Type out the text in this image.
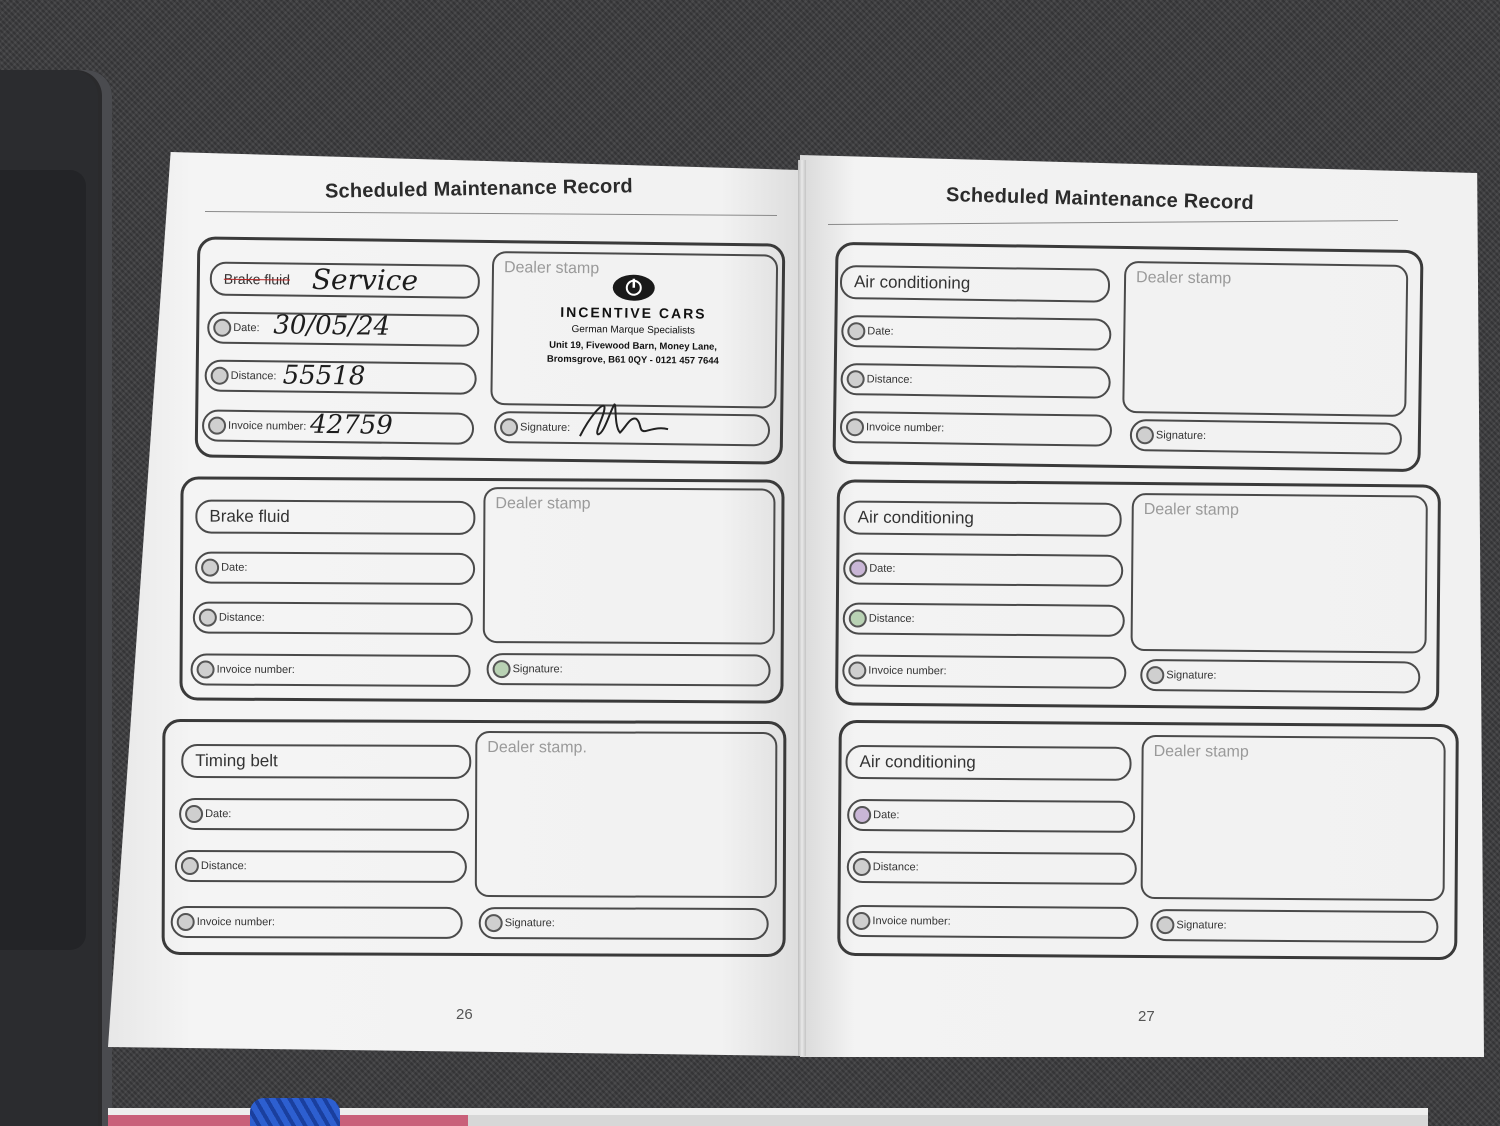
Scheduled Maintenance Record
Brake fluid Service
Date: 30/05/24
Distance: 55518
Invoice number: 42759
Dealer stamp
INCENTIVE CARS
German Marque Specialists
Unit 19, Fivewood Barn, Money Lane,
Bromsgrove, B61 0QY - 0121 457 7644
Signature:
Brake fluid
Date:
Distance:
Invoice number:
Dealer stamp
Signature:
Timing belt
Date:
Distance:
Invoice number:
Dealer stamp.
Signature:
26
Scheduled Maintenance Record
Air conditioning
Date:
Distance:
Invoice number:
Dealer stamp
Signature:
Air conditioning
Date:
Distance:
Invoice number:
Dealer stamp
Signature:
Air conditioning
Date:
Distance:
Invoice number:
Dealer stamp
Signature:
27
